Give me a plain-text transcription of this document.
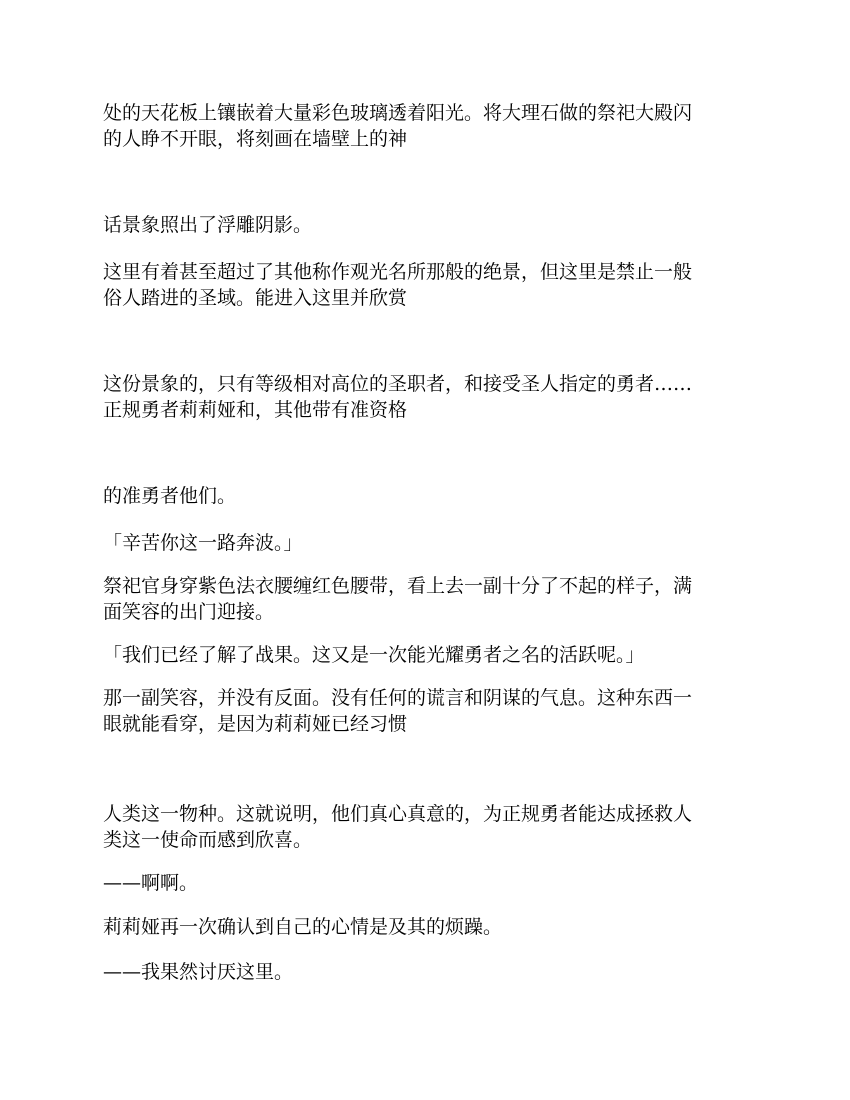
处的天花板上镶嵌着大量彩色玻璃透着阳光。将大理石做的祭祀大殿闪
的人睁不开眼，将刻画在墙壁上的神

话景象照出了浮雕阴影。

这里有着甚至超过了其他称作观光名所那般的绝景，但这里是禁止一般
俗人踏进的圣域。能进入这里并欣赏

这份景象的，只有等级相对高位的圣职者，和接受圣人指定的勇者……
正规勇者莉莉娅和，其他带有准资格

的准勇者他们。

「辛苦你这一路奔波。」

祭祀官身穿紫色法衣腰缠红色腰带，看上去一副十分了不起的样子，满
面笑容的出门迎接。

「我们已经了解了战果。这又是一次能光耀勇者之名的活跃呢。」

那一副笑容，并没有反面。没有任何的谎言和阴谋的气息。这种东西一
眼就能看穿，是因为莉莉娅已经习惯

人类这一物种。这就说明，他们真心真意的，为正规勇者能达成拯救人
类这一使命而感到欣喜。

——啊啊。

莉莉娅再一次确认到自己的心情是及其的烦躁。

——我果然讨厌这里。
